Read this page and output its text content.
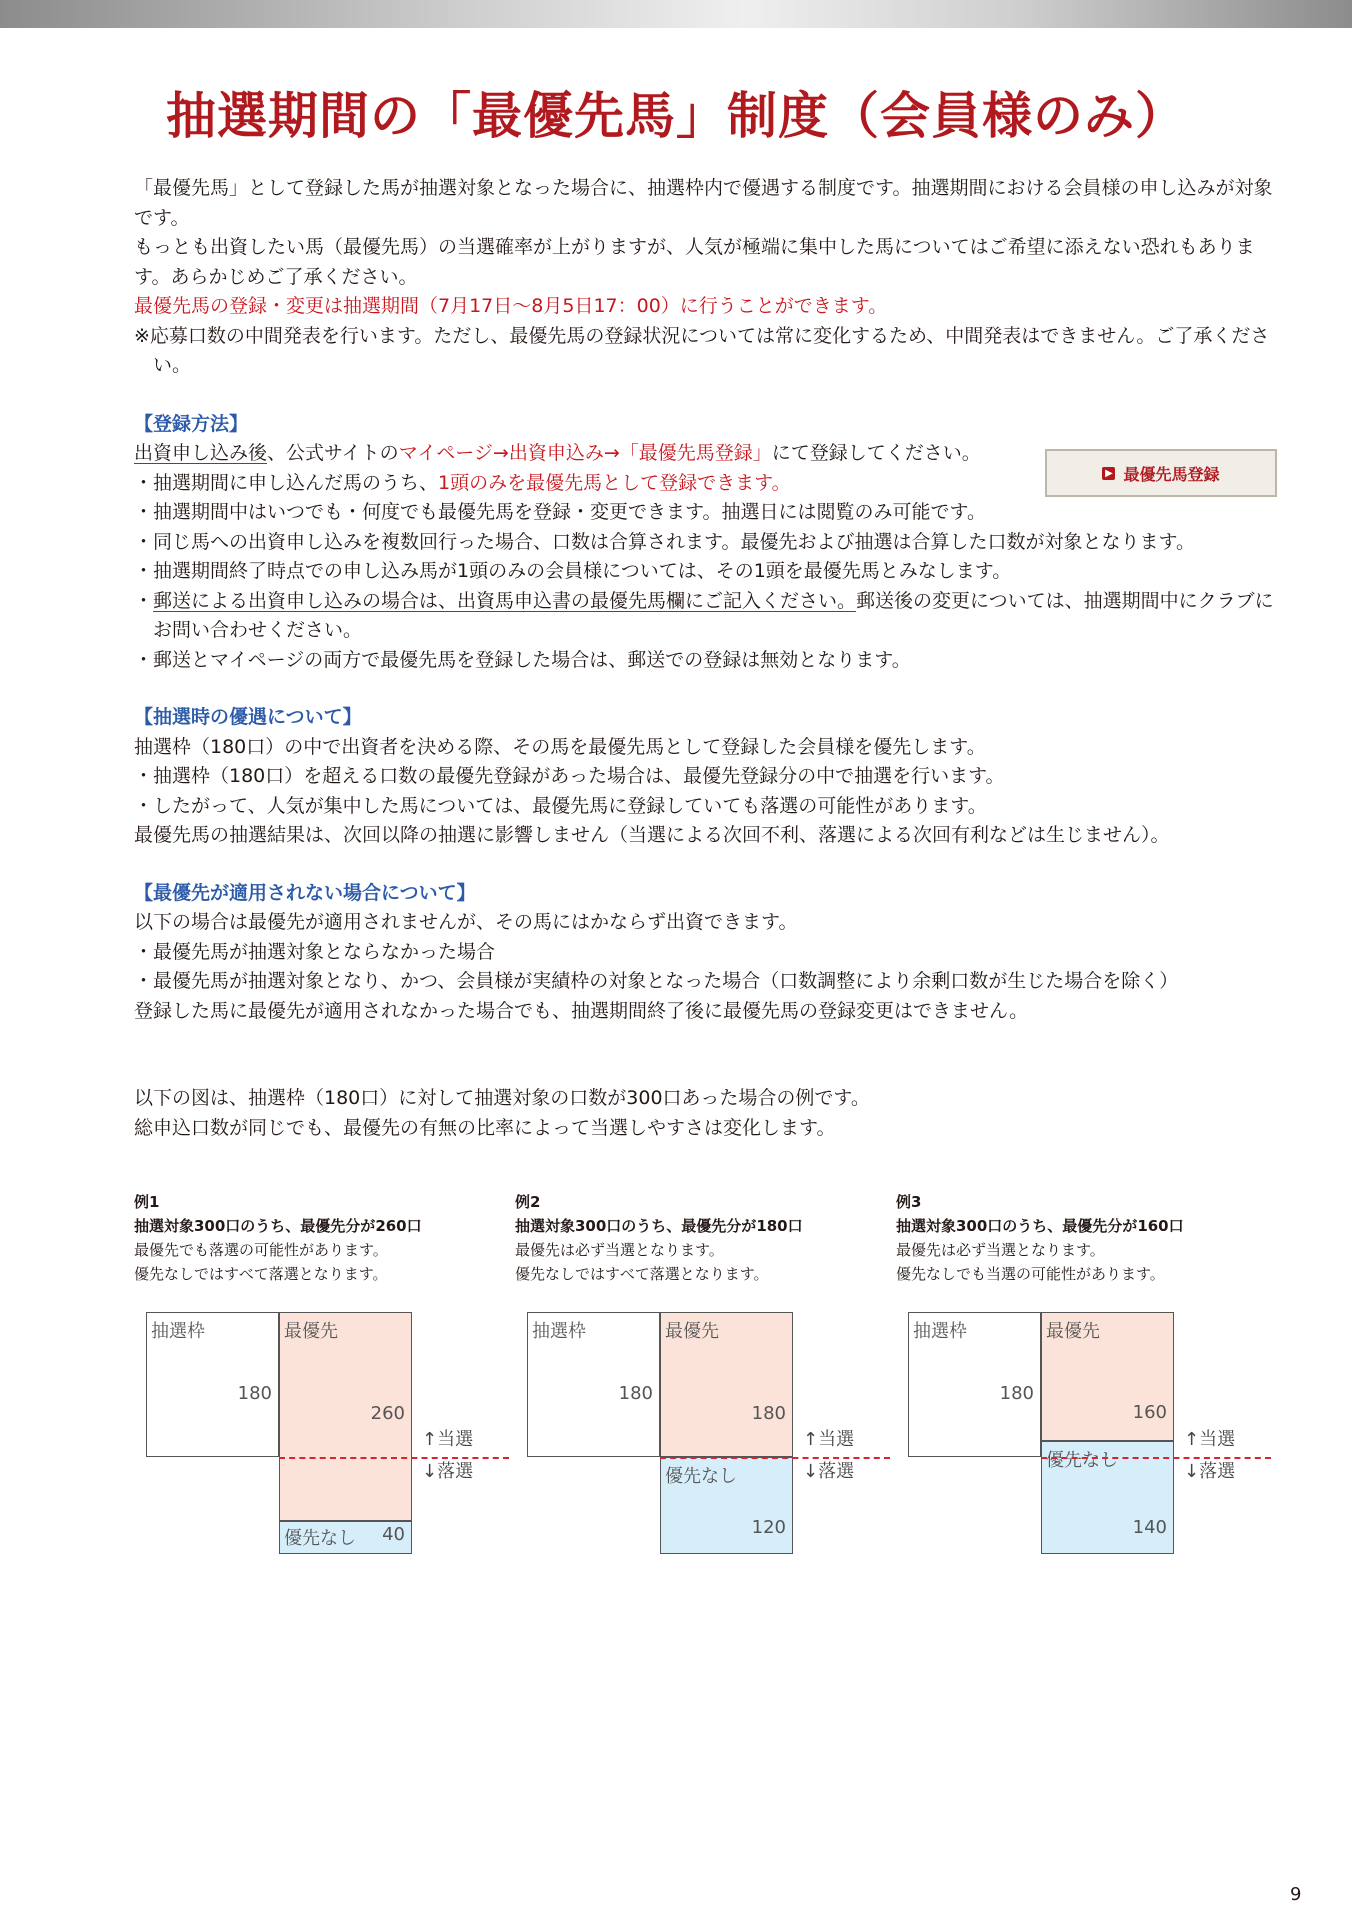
抽選期間の「最優先馬」制度（会員様のみ）

「最優先馬」として登録した馬が抽選対象となった場合に、抽選枠内で優遇する制度です。抽選期間における会員様の申し込みが対象です。

もっとも出資したい馬（最優先馬）の当選確率が上がりますが、人気が極端に集中した馬についてはご希望に添えない恐れもあります。あらかじめご了承ください。

最優先馬の登録・変更は抽選期間（7月17日～8月5日17：00）に行うことができます。

※応募口数の中間発表を行います。ただし、最優先馬の登録状況については常に変化するため、中間発表はできません。ご了承ください。

【登録方法】

出資申し込み後、公式サイトのマイページ→出資申込み→「最優先馬登録」にて登録してください。

・抽選期間に申し込んだ馬のうち、1頭のみを最優先馬として登録できます。

・抽選期間中はいつでも・何度でも最優先馬を登録・変更できます。抽選日には閲覧のみ可能です。

・同じ馬への出資申し込みを複数回行った場合、口数は合算されます。最優先および抽選は合算した口数が対象となります。

・抽選期間終了時点での申し込み馬が1頭のみの会員様については、その1頭を最優先馬とみなします。

・郵送による出資申し込みの場合は、出資馬申込書の最優先馬欄にご記入ください。郵送後の変更については、抽選期間中にクラブにお問い合わせください。

・郵送とマイページの両方で最優先馬を登録した場合は、郵送での登録は無効となります。

【抽選時の優遇について】

抽選枠（180口）の中で出資者を決める際、その馬を最優先馬として登録した会員様を優先します。

・抽選枠（180口）を超える口数の最優先登録があった場合は、最優先登録分の中で抽選を行います。

・したがって、人気が集中した馬については、最優先馬に登録していても落選の可能性があります。

最優先馬の抽選結果は、次回以降の抽選に影響しません（当選による次回不利、落選による次回有利などは生じません）。

【最優先が適用されない場合について】

以下の場合は最優先が適用されませんが、その馬にはかならず出資できます。

・最優先馬が抽選対象とならなかった場合

・最優先馬が抽選対象となり、かつ、会員様が実績枠の対象となった場合（口数調整により余剰口数が生じた場合を除く）

登録した馬に最優先が適用されなかった場合でも、抽選期間終了後に最優先馬の登録変更はできません。

以下の図は、抽選枠（180口）に対して抽選対象の口数が300口あった場合の例です。

総申込口数が同じでも、最優先の有無の比率によって当選しやすさは変化します。

▶ 最優先馬登録
例1
抽選対象300口のうち、最優先分が260口
最優先でも落選の可能性があります。
優先なしではすべて落選となります。
抽選枠
180
最優先
260
優先なし 40
↑当選
↓落選
例2
抽選対象300口のうち、最優先分が180口
最優先は必ず当選となります。
優先なしではすべて落選となります。
抽選枠
180
最優先
180
優先なし
120
↑当選
↓落選
例3
抽選対象300口のうち、最優先分が160口
最優先は必ず当選となります。
優先なしでも当選の可能性があります。
抽選枠
180
最優先
160
優先なし
140
↑当選
↓落選
9
